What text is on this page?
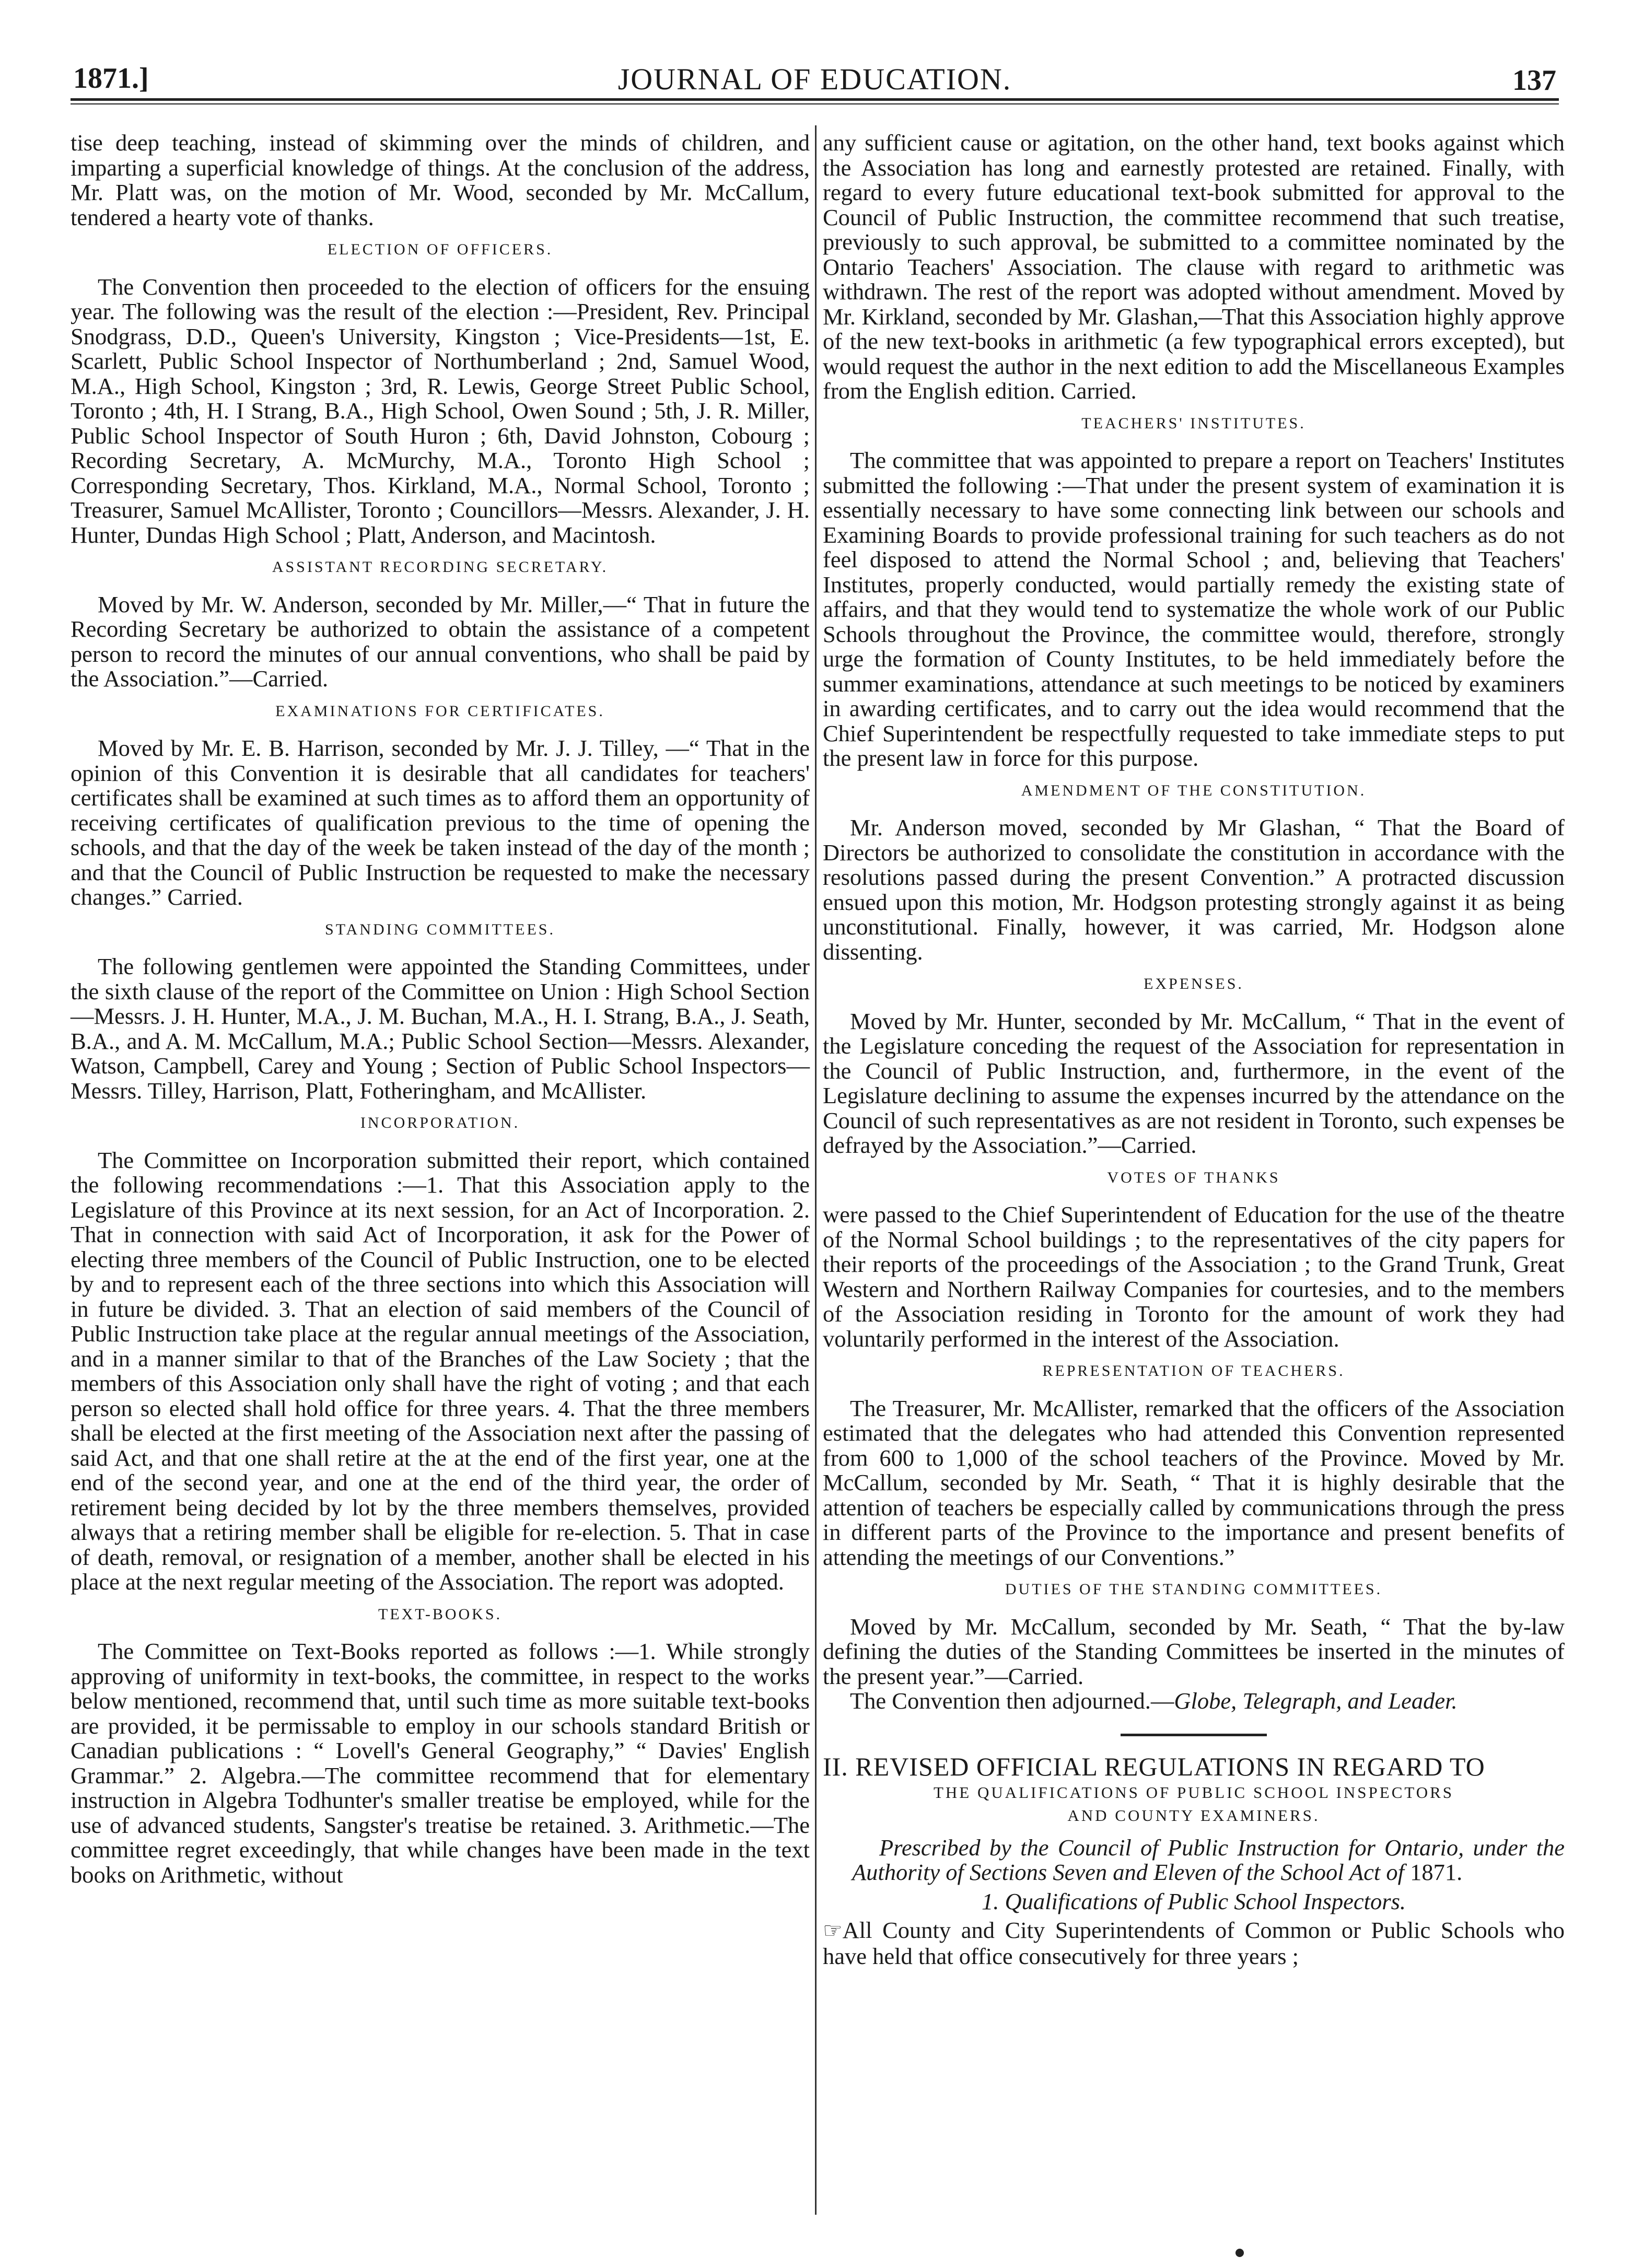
1871.]	JOURNAL OF EDUCATION.	137

tise deep teaching, instead of skimming over the minds of children, and imparting a superficial knowledge of things. At the conclusion of the address, Mr. Platt was, on the motion of Mr. Wood, seconded by Mr. McCallum, tendered a hearty vote of thanks.

ELECTION OF OFFICERS.

The Convention then proceeded to the election of officers for the ensuing year. The following was the result of the election :—President, Rev. Principal Snodgrass, D.D., Queen's University, Kingston ; Vice-Presidents—1st, E. Scarlett, Public School Inspector of Northumberland ; 2nd, Samuel Wood, M.A., High School, Kingston ; 3rd, R. Lewis, George Street Public School, Toronto ; 4th, H. I Strang, B.A., High School, Owen Sound ; 5th, J. R. Miller, Public School Inspector of South Huron ; 6th, David Johnston, Cobourg ; Recording Secretary, A. McMurchy, M.A., Toronto High School ; Corresponding Secretary, Thos. Kirkland, M.A., Normal School, Toronto ; Treasurer, Samuel McAllister, Toronto ; Councillors—Messrs. Alexander, J. H. Hunter, Dundas High School ; Platt, Anderson, and Macintosh.

ASSISTANT RECORDING SECRETARY.

Moved by Mr. W. Anderson, seconded by Mr. Miller,—“ That in future the Recording Secretary be authorized to obtain the assistance of a competent person to record the minutes of our annual conventions, who shall be paid by the Association.”—Carried.

EXAMINATIONS FOR CERTIFICATES.

Moved by Mr. E. B. Harrison, seconded by Mr. J. J. Tilley, —“ That in the opinion of this Convention it is desirable that all candidates for teachers' certificates shall be examined at such times as to afford them an opportunity of receiving certificates of qualification previous to the time of opening the schools, and that the day of the week be taken instead of the day of the month ; and that the Council of Public Instruction be requested to make the necessary changes.” Carried.

STANDING COMMITTEES.

The following gentlemen were appointed the Standing Committees, under the sixth clause of the report of the Committee on Union : High School Section—Messrs. J. H. Hunter, M.A., J. M. Buchan, M.A., H. I. Strang, B.A., J. Seath, B.A., and A. M. McCallum, M.A.; Public School Section—Messrs. Alexander, Watson, Campbell, Carey and Young ; Section of Public School Inspectors—Messrs. Tilley, Harrison, Platt, Fotheringham, and McAllister.

INCORPORATION.

The Committee on Incorporation submitted their report, which contained the following recommendations :—1. That this Association apply to the Legislature of this Province at its next session, for an Act of Incorporation. 2. That in connection with said Act of Incorporation, it ask for the Power of electing three members of the Council of Public Instruction, one to be elected by and to represent each of the three sections into which this Association will in future be divided. 3. That an election of said members of the Council of Public Instruction take place at the regular annual meetings of the Association, and in a manner similar to that of the Branches of the Law Society ; that the members of this Association only shall have the right of voting ; and that each person so elected shall hold office for three years. 4. That the three members shall be elected at the first meeting of the Association next after the passing of said Act, and that one shall retire at the at the end of the first year, one at the end of the second year, and one at the end of the third year, the order of retirement being decided by lot by the three members themselves, provided always that a retiring member shall be eligible for re-election. 5. That in case of death, removal, or resignation of a member, another shall be elected in his place at the next regular meeting of the Association. The report was adopted.

TEXT-BOOKS.

The Committee on Text-Books reported as follows :—1. While strongly approving of uniformity in text-books, the committee, in respect to the works below mentioned, recommend that, until such time as more suitable text-books are provided, it be permissable to employ in our schools standard British or Canadian publications : “ Lovell's General Geography,” “ Davies' English Grammar.” 2. Algebra.—The committee recommend that for elementary instruction in Algebra Todhunter's smaller treatise be employed, while for the use of advanced students, Sangster's treatise be retained. 3. Arithmetic.—The committee regret exceedingly, that while changes have been made in the text books on Arithmetic, without

any sufficient cause or agitation, on the other hand, text books against which the Association has long and earnestly protested are retained. Finally, with regard to every future educational text-book submitted for approval to the Council of Public Instruction, the committee recommend that such treatise, previously to such approval, be submitted to a committee nominated by the Ontario Teachers' Association. The clause with regard to arithmetic was withdrawn. The rest of the report was adopted without amendment. Moved by Mr. Kirkland, seconded by Mr. Glashan,—That this Association highly approve of the new text-books in arithmetic (a few typographical errors excepted), but would request the author in the next edition to add the Miscellaneous Examples from the English edition. Carried.

TEACHERS' INSTITUTES.

The committee that was appointed to prepare a report on Teachers' Institutes submitted the following :—That under the present system of examination it is essentially necessary to have some connecting link between our schools and Examining Boards to provide professional training for such teachers as do not feel disposed to attend the Normal School ; and, believing that Teachers' Institutes, properly conducted, would partially remedy the existing state of affairs, and that they would tend to systematize the whole work of our Public Schools throughout the Province, the committee would, therefore, strongly urge the formation of County Institutes, to be held immediately before the summer examinations, attendance at such meetings to be noticed by examiners in awarding certificates, and to carry out the idea would recommend that the Chief Superintendent be respectfully requested to take immediate steps to put the present law in force for this purpose.

AMENDMENT OF THE CONSTITUTION.

Mr. Anderson moved, seconded by Mr Glashan, “ That the Board of Directors be authorized to consolidate the constitution in accordance with the resolutions passed during the present Convention.” A protracted discussion ensued upon this motion, Mr. Hodgson protesting strongly against it as being unconstitutional. Finally, however, it was carried, Mr. Hodgson alone dissenting.

EXPENSES.

Moved by Mr. Hunter, seconded by Mr. McCallum, “ That in the event of the Legislature conceding the request of the Association for representation in the Council of Public Instruction, and, furthermore, in the event of the Legislature declining to assume the expenses incurred by the attendance on the Council of such representatives as are not resident in Toronto, such expenses be defrayed by the Association.”—Carried.

VOTES OF THANKS

were passed to the Chief Superintendent of Education for the use of the theatre of the Normal School buildings ; to the representatives of the city papers for their reports of the proceedings of the Association ; to the Grand Trunk, Great Western and Northern Railway Companies for courtesies, and to the members of the Association residing in Toronto for the amount of work they had voluntarily performed in the interest of the Association.

REPRESENTATION OF TEACHERS.

The Treasurer, Mr. McAllister, remarked that the officers of the Association estimated that the delegates who had attended this Convention represented from 600 to 1,000 of the school teachers of the Province. Moved by Mr. McCallum, seconded by Mr. Seath, “ That it is highly desirable that the attention of teachers be especially called by communications through the press in different parts of the Province to the importance and present benefits of attending the meetings of our Conventions.”

DUTIES OF THE STANDING COMMITTEES.

Moved by Mr. McCallum, seconded by Mr. Seath, “ That the by-law defining the duties of the Standing Committees be inserted in the minutes of the present year.”—Carried.

The Convention then adjourned.—Globe, Telegraph, and Leader.

II. REVISED OFFICIAL REGULATIONS IN REGARD TO

THE QUALIFICATIONS OF PUBLIC SCHOOL INSPECTORS
AND COUNTY EXAMINERS.

Prescribed by the Council of Public Instruction for Ontario, under the Authority of Sections Seven and Eleven of the School Act of 1871.

1. Qualifications of Public School Inspectors.

☞All County and City Superintendents of Common or Public Schools who have held that office consecutively for three years ;
